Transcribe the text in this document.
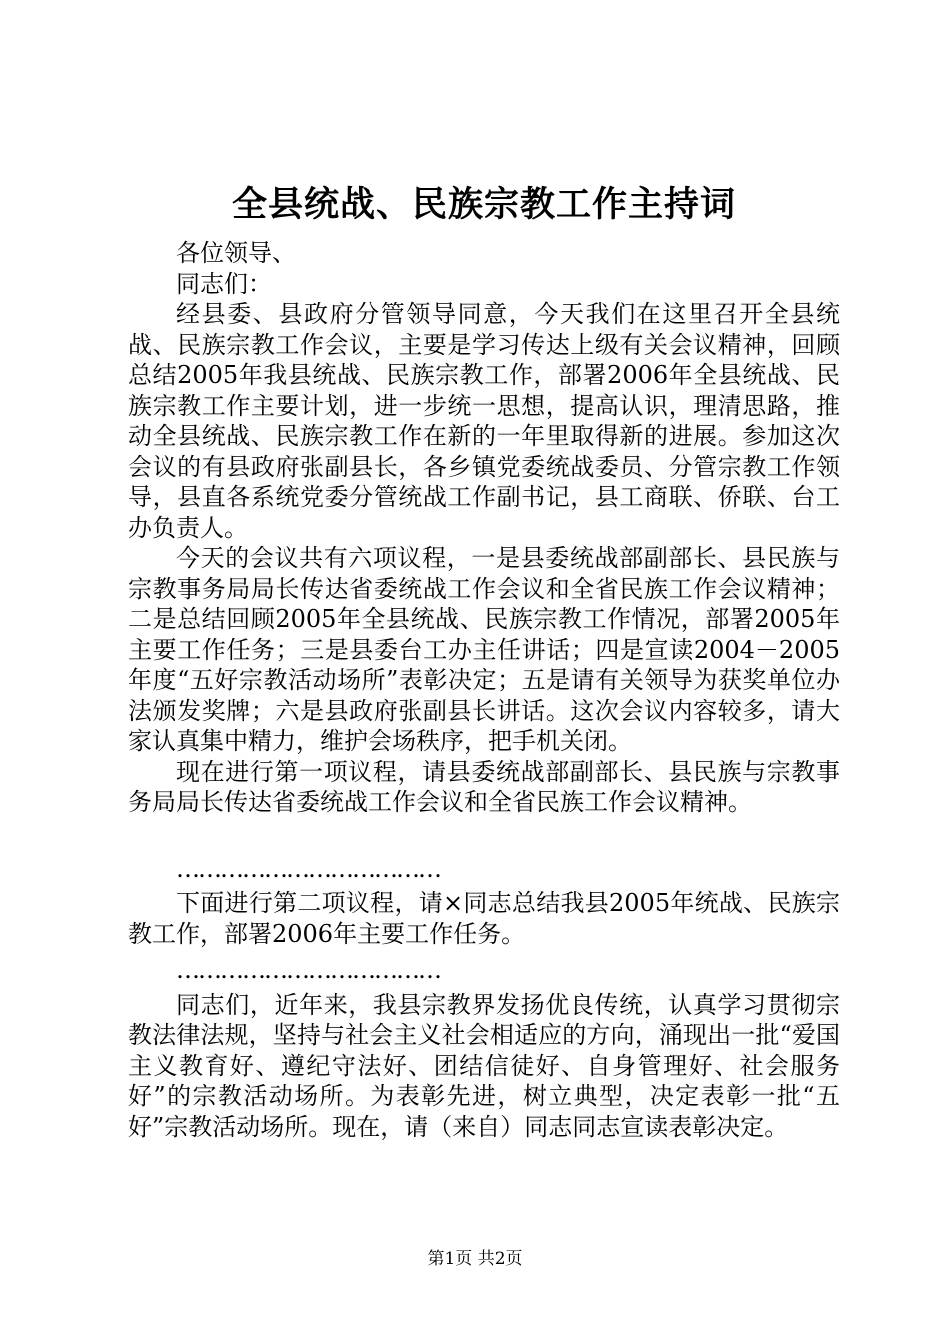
全县统战、民族宗教工作主持词

各位领导、

同志们：

经县委、县政府分管领导同意，今天我们在这里召开全县统战、民族宗教工作会议，主要是学习传达上级有关会议精神，回顾总结2005年我县统战、民族宗教工作，部署2006年全县统战、民族宗教工作主要计划，进一步统一思想，提高认识，理清思路，推动全县统战、民族宗教工作在新的一年里取得新的进展。参加这次会议的有县政府张副县长，各乡镇党委统战委员、分管宗教工作领导，县直各系统党委分管统战工作副书记，县工商联、侨联、台工办负责人。

今天的会议共有六项议程，一是县委统战部副部长、县民族与宗教事务局局长传达省委统战工作会议和全省民族工作会议精神；二是总结回顾2005年全县统战、民族宗教工作情况，部署2005年主要工作任务；三是县委台工办主任讲话；四是宣读2004－2005年度“五好宗教活动场所”表彰决定；五是请有关领导为获奖单位办法颁发奖牌；六是县政府张副县长讲话。这次会议内容较多，请大家认真集中精力，维护会场秩序，把手机关闭。

现在进行第一项议程，请县委统战部副部长、县民族与宗教事务局局长传达省委统战工作会议和全省民族工作会议精神。

………………………………

下面进行第二项议程，请×同志总结我县2005年统战、民族宗教工作，部署2006年主要工作任务。

………………………………

同志们，近年来，我县宗教界发扬优良传统，认真学习贯彻宗教法律法规，坚持与社会主义社会相适应的方向，涌现出一批“爱国主义教育好、遵纪守法好、团结信徒好、自身管理好、社会服务好”的宗教活动场所。为表彰先进，树立典型，决定表彰一批“五好”宗教活动场所。现在，请（来自）同志同志宣读表彰决定。

第1页 共2页
